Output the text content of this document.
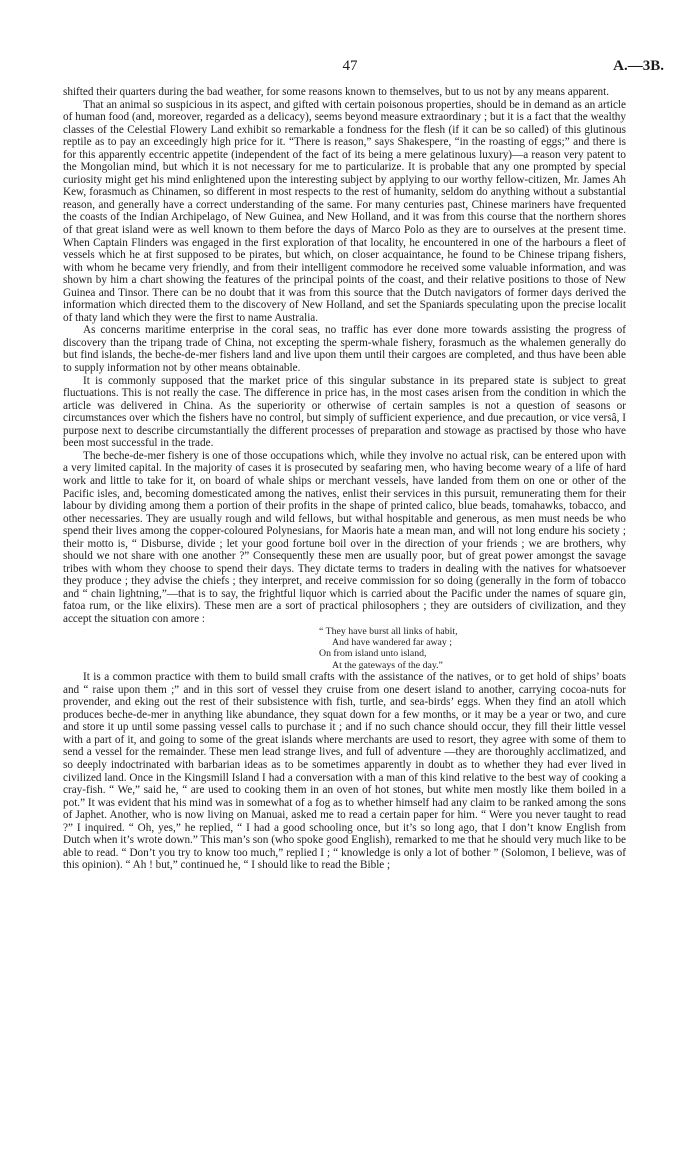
47	A.—3B.

shifted their quarters during the bad weather, for some reasons known to themselves, but to us not by any means apparent.

That an animal so suspicious in its aspect, and gifted with certain poisonous properties, should be in demand as an article of human food (and, moreover, regarded as a delicacy), seems beyond measure extraordinary ; but it is a fact that the wealthy classes of the Celestial Flowery Land exhibit so remarkable a fondness for the flesh (if it can be so called) of this glutinous reptile as to pay an exceedingly high price for it. “There is reason,” says Shakespere, “in the roasting of eggs;” and there is for this apparently eccentric appetite (independent of the fact of its being a mere gelatinous luxury)—a reason very patent to the Mongolian mind, but which it is not necessary for me to particularize. It is probable that any one prompted by special curiosity might get his mind enlightened upon the interesting subject by applying to our worthy fellow-citizen, Mr. James Ah Kew, forasmuch as Chinamen, so different in most respects to the rest of humanity, seldom do anything without a substantial reason, and generally have a correct understanding of the same. For many centuries past, Chinese mariners have frequented the coasts of the Indian Archipelago, of New Guinea, and New Holland, and it was from this course that the northern shores of that great island were as well known to them before the days of Marco Polo as they are to ourselves at the present time. When Captain Flinders was engaged in the first exploration of that locality, he encountered in one of the harbours a fleet of vessels which he at first supposed to be pirates, but which, on closer acquaintance, he found to be Chinese tripang fishers, with whom he became very friendly, and from their intelligent commodore he received some valuable information, and was shown by him a chart showing the features of the principal points of the coast, and their relative positions to those of New Guinea and Tinsor. There can be no doubt that it was from this source that the Dutch navigators of former days derived the information which directed them to the discovery of New Holland, and set the Spaniards speculating upon the precise localit of thaty land which they were the first to name Australia.

As concerns maritime enterprise in the coral seas, no traffic has ever done more towards assisting the progress of discovery than the tripang trade of China, not excepting the sperm-whale fishery, forasmuch as the whalemen generally do but find islands, the beche-de-mer fishers land and live upon them until their cargoes are completed, and thus have been able to supply information not by other means obtainable.

It is commonly supposed that the market price of this singular substance in its prepared state is subject to great fluctuations. This is not really the case. The difference in price has, in the most cases arisen from the condition in which the article was delivered in China. As the superiority or otherwise of certain samples is not a question of seasons or circumstances over which the fishers have no control, but simply of sufficient experience, and due precaution, or vice versâ, I purpose next to describe circumstantially the different processes of preparation and stowage as practised by those who have been most successful in the trade.

The beche-de-mer fishery is one of those occupations which, while they involve no actual risk, can be entered upon with a very limited capital. In the majority of cases it is prosecuted by seafaring men, who having become weary of a life of hard work and little to take for it, on board of whale ships or merchant vessels, have landed from them on one or other of the Pacific isles, and, becoming domesticated among the natives, enlist their services in this pursuit, remunerating them for their labour by dividing among them a portion of their profits in the shape of printed calico, blue beads, tomahawks, tobacco, and other necessaries. They are usually rough and wild fellows, but withal hospitable and generous, as men must needs be who spend their lives among the copper-coloured Polynesians, for Maoris hate a mean man, and will not long endure his society ; their motto is, “ Disburse, divide ; let your good fortune boil over in the direction of your friends ; we are brothers, why should we not share with one another ?” Consequently these men are usually poor, but of great power amongst the savage tribes with whom they choose to spend their days. They dictate terms to traders in dealing with the natives for whatsoever they produce ; they advise the chiefs ; they interpret, and receive commission for so doing (generally in the form of tobacco and “ chain lightning,”—that is to say, the frightful liquor which is carried about the Pacific under the names of square gin, fatoa rum, or the like elixirs). These men are a sort of practical philosophers ; they are outsiders of civilization, and they accept the situation con amore :

“ They have burst all links of habit,
And have wandered far away ;
On from island unto island,
At the gateways of the day.”

It is a common practice with them to build small crafts with the assistance of the natives, or to get hold of ships’ boats and “ raise upon them ;” and in this sort of vessel they cruise from one desert island to another, carrying cocoa-nuts for provender, and eking out the rest of their subsistence with fish, turtle, and sea-birds’ eggs. When they find an atoll which produces beche-de-mer in anything like abundance, they squat down for a few months, or it may be a year or two, and cure and store it up until some passing vessel calls to purchase it ; and if no such chance should occur, they fill their little vessel with a part of it, and going to some of the great islands where merchants are used to resort, they agree with some of them to send a vessel for the remainder. These men lead strange lives, and full of adventure —they are thoroughly acclimatized, and so deeply indoctrinated with barbarian ideas as to be sometimes apparently in doubt as to whether they had ever lived in civilized land. Once in the Kingsmill Island I had a conversation with a man of this kind relative to the best way of cooking a cray-fish. “ We,” said he, “ are used to cooking them in an oven of hot stones, but white men mostly like them boiled in a pot.” It was evident that his mind was in somewhat of a fog as to whether himself had any claim to be ranked among the sons of Japhet. Another, who is now living on Manuai, asked me to read a certain paper for him. “ Were you never taught to read ?” I inquired. “ Oh, yes,” he replied, “ I had a good schooling once, but it’s so long ago, that I don’t know English from Dutch when it’s wrote down.” This man’s son (who spoke good English), remarked to me that he should very much like to be able to read. “ Don’t you try to know too much,” replied I ; “ knowledge is only a lot of bother ” (Solomon, I believe, was of this opinion). “ Ah ! but,” continued he, “ I should like to read the Bible ;
